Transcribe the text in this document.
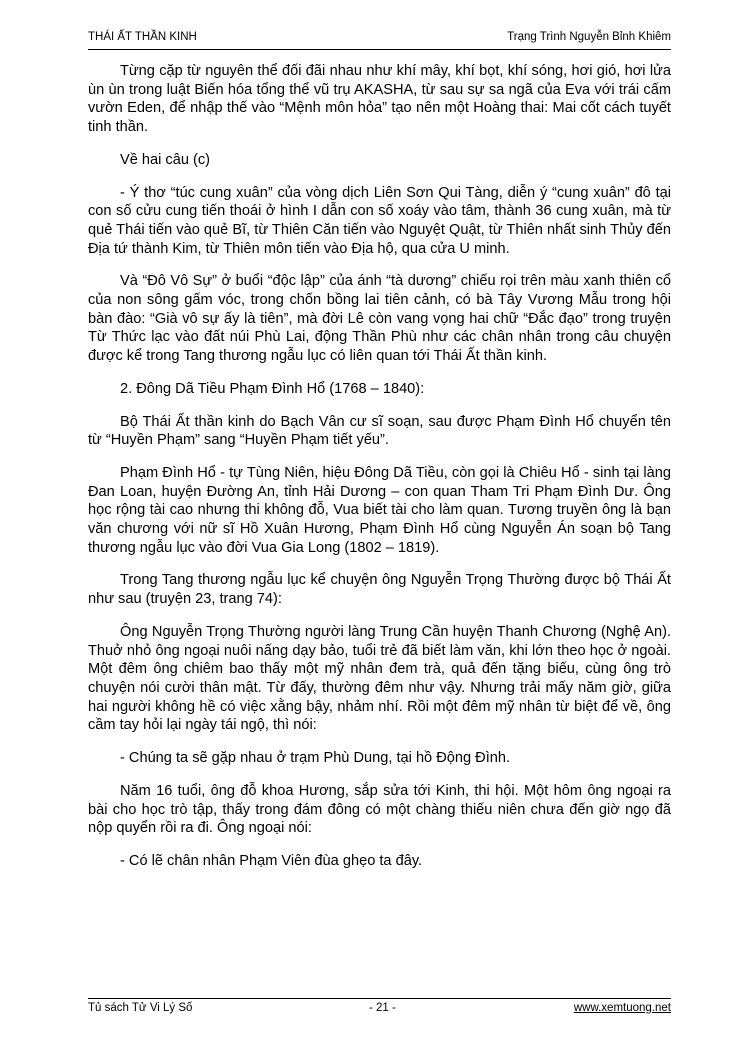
THÁI ẤT THẦN KINH	Trạng Trình Nguyễn Bỉnh Khiêm

Từng cặp từ nguyên thể đối đãi nhau như khí mây, khí bọt, khí sóng, hơi gió, hơi lửa ùn ùn trong luật Biến hóa tổng thể vũ trụ AKASHA, từ sau sự sa ngã của Eva với trái cấm vườn Eden, để nhập thế vào “Mệnh môn hỏa” tạo nên một Hoàng thai: Mai cốt cách tuyết tinh thần.

Về hai câu (c)

- Ý thơ “túc cung xuân” của vòng dịch Liên Sơn Qui Tàng, diễn ý “cung xuân” đô tại con số cửu cung tiến thoái ở hình I dẫn con số xoáy vào tâm, thành 36 cung xuân, mà từ quẻ Thái tiến vào quẻ Bĩ, từ Thiên Căn tiến vào Nguyệt Quật, từ Thiên nhất sinh Thủy đến Địa tứ thành Kim, từ Thiên môn tiến vào Địa hộ, qua cửa U minh.

Và “Đô Vô Sự” ở buổi “độc lập” của ánh “tà dương” chiếu rọi trên màu xanh thiên cổ của non sông gấm vóc, trong chốn bồng lai tiên cảnh, có bà Tây Vương Mẫu trong hội bàn đào: “Già vô sự ấy là tiên”, mà đời Lê còn vang vọng hai chữ “Đắc đạo” trong truyện Từ Thức lạc vào đất núi Phù Lai, động Thần Phù như các chân nhân trong câu chuyện được kể trong Tang thương ngẫu lục có liên quan tới Thái Ất thần kinh.

2. Đông Dã Tiều Phạm Đình Hổ (1768 – 1840):

Bộ Thái Ất thần kinh do Bạch Vân cư sĩ soạn, sau được Phạm Đình Hổ chuyển tên từ “Huyền Phạm” sang “Huyền Phạm tiết yếu”.

Phạm Đình Hổ - tự Tùng Niên, hiệu Đông Dã Tiều, còn gọi là Chiêu Hổ - sinh tại làng Đan Loan, huyện Đường An, tỉnh Hải Dương – con quan Tham Tri Phạm Đình Dư. Ông học rộng tài cao nhưng thi không đỗ, Vua biết tài cho làm quan. Tương truyền ông là bạn văn chương với nữ sĩ Hồ Xuân Hương, Phạm Đình Hổ cùng Nguyễn Án soạn bộ Tang thương ngẫu lục vào đời Vua Gia Long (1802 – 1819).

Trong Tang thương ngẫu lục kể chuyện ông Nguyễn Trọng Thường được bộ Thái Ất như sau (truyện 23, trang 74):

Ông Nguyễn Trọng Thường người làng Trung Cần huyện Thanh Chương (Nghệ An). Thuở nhỏ ông ngoại nuôi nấng dạy bảo, tuổi trẻ đã biết làm văn, khi lớn theo học ở ngoài. Một đêm ông chiêm bao thấy một mỹ nhân đem trà, quả đến tặng biếu, cùng ông trò chuyện nói cười thân mật. Từ đấy, thường đêm như vậy. Nhưng trải mấy năm giờ, giữa hai người không hề có việc xằng bậy, nhảm nhí. Rồi một đêm mỹ nhân từ biệt để về, ông cầm tay hỏi lại ngày tái ngộ, thì nói:

- Chúng ta sẽ gặp nhau ở trạm Phù Dung, tại hồ Động Đình.

Năm 16 tuổi, ông đỗ khoa Hương, sắp sửa tới Kinh, thi hội. Một hôm ông ngoại ra bài cho học trò tập, thấy trong đám đông có một chàng thiếu niên chưa đến giờ ngọ đã nộp quyển rồi ra đi. Ông ngoại nói:

- Có lẽ chân nhân Phạm Viên đùa ghẹo ta đây.

Tủ sách Tử Vi Lý Số	- 21 -	www.xemtuong.net
